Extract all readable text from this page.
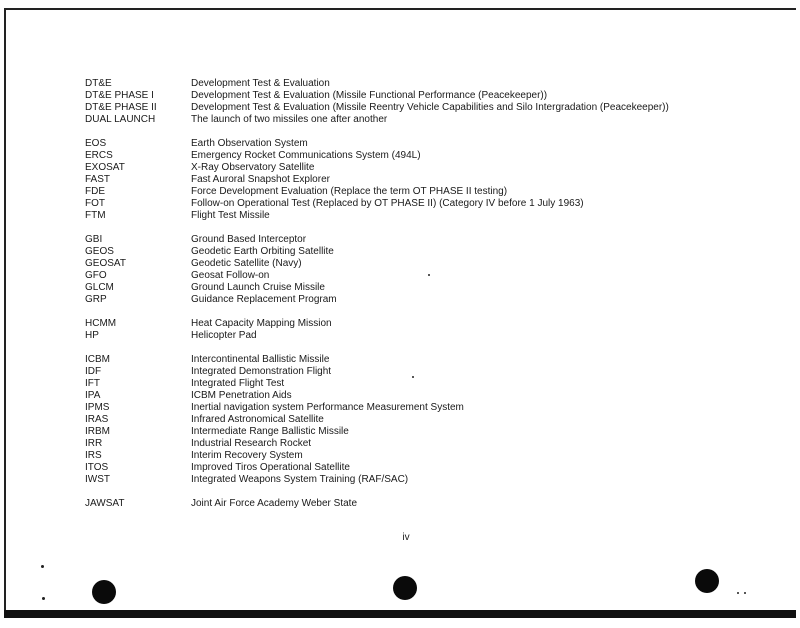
DT&E	Development Test & Evaluation
DT&E PHASE I	Development Test & Evaluation (Missile Functional Performance (Peacekeeper))
DT&E PHASE II	Development Test & Evaluation (Missile Reentry Vehicle Capabilities and Silo Intergradation (Peacekeeper))
DUAL LAUNCH	The launch of two missiles one after another
EOS	Earth Observation System
ERCS	Emergency Rocket Communications System (494L)
EXOSAT	X-Ray Observatory Satellite
FAST	Fast Auroral Snapshot Explorer
FDE	Force Development Evaluation (Replace the term OT PHASE II testing)
FOT	Follow-on Operational Test (Replaced by OT PHASE II) (Category IV before 1 July 1963)
FTM	Flight Test Missile
GBI	Ground Based Interceptor
GEOS	Geodetic Earth Orbiting Satellite
GEOSAT	Geodetic Satellite (Navy)
GFO	Geosat Follow-on
GLCM	Ground Launch Cruise Missile
GRP	Guidance Replacement Program
HCMM	Heat Capacity Mapping Mission
HP	Helicopter Pad
ICBM	Intercontinental Ballistic Missile
IDF	Integrated Demonstration Flight
IFT	Integrated Flight Test
IPA	ICBM Penetration Aids
IPMS	Inertial navigation system Performance Measurement System
IRAS	Infrared Astronomical Satellite
IRBM	Intermediate Range Ballistic Missile
IRR	Industrial Research Rocket
IRS	Interim Recovery System
ITOS	Improved Tiros Operational Satellite
IWST	Integrated Weapons System Training (RAF/SAC)
JAWSAT	Joint Air Force Academy Weber State
iv
